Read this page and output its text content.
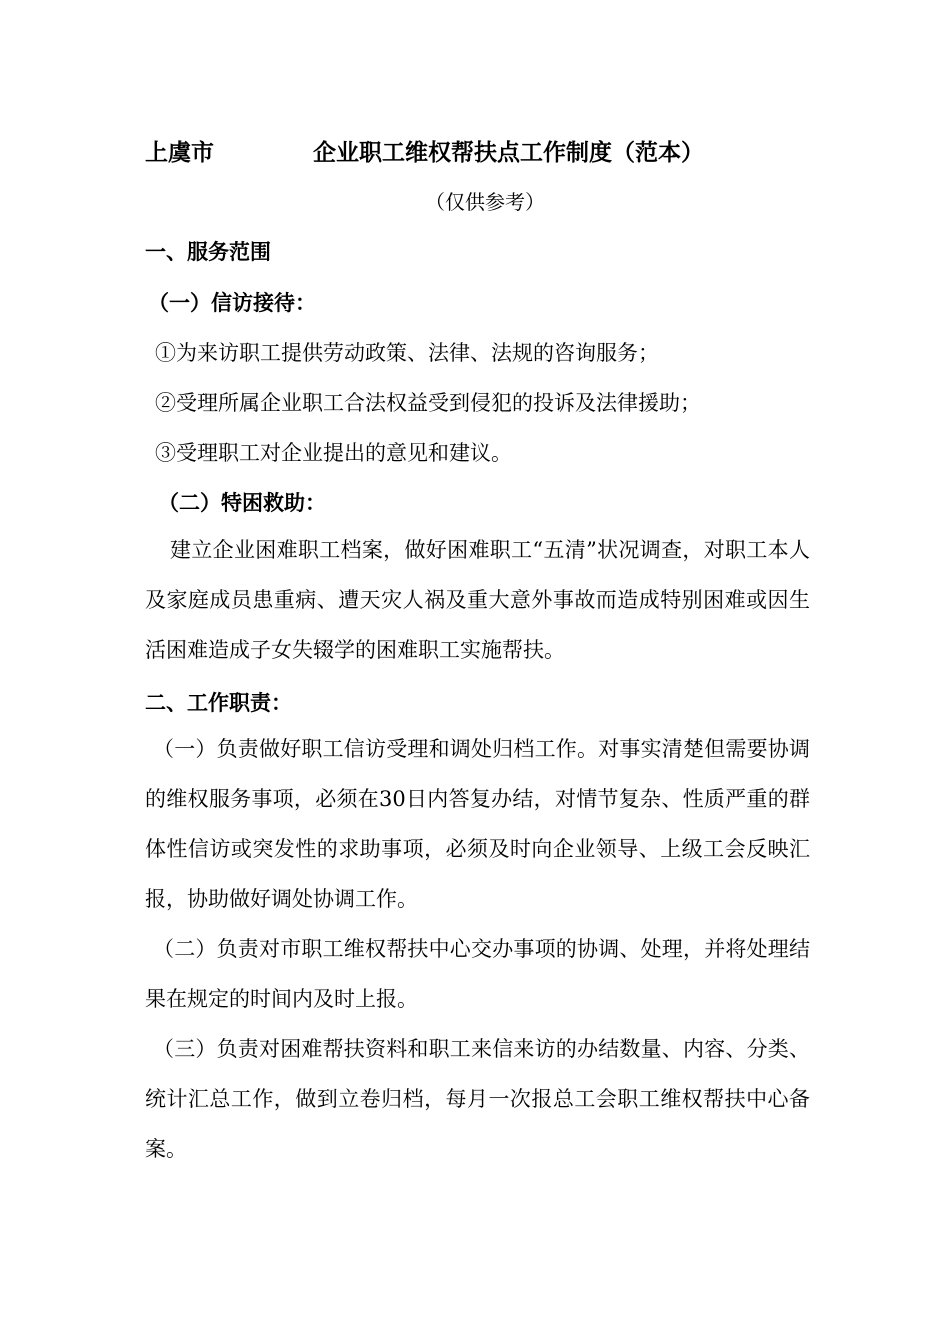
上虞市	企业职工维权帮扶点工作制度（范本）
（仅供参考）
一、服务范围
（一）信访接待：
①为来访职工提供劳动政策、法律、法规的咨询服务；
②受理所属企业职工合法权益受到侵犯的投诉及法律援助；
③受理职工对企业提出的意见和建议。
（二）特困救助：
建立企业困难职工档案，做好困难职工“五清”状况调查，对职工本人及家庭成员患重病、遭天灾人祸及重大意外事故而造成特别困难或因生活困难造成子女失辍学的困难职工实施帮扶。
二、工作职责：
（一）负责做好职工信访受理和调处归档工作。对事实清楚但需要协调的维权服务事项，必须在30日内答复办结，对情节复杂、性质严重的群体性信访或突发性的求助事项，必须及时向企业领导、上级工会反映汇报，协助做好调处协调工作。
（二）负责对市职工维权帮扶中心交办事项的协调、处理，并将处理结果在规定的时间内及时上报。
（三）负责对困难帮扶资料和职工来信来访的办结数量、内容、分类、统计汇总工作，做到立卷归档，每月一次报总工会职工维权帮扶中心备案。
